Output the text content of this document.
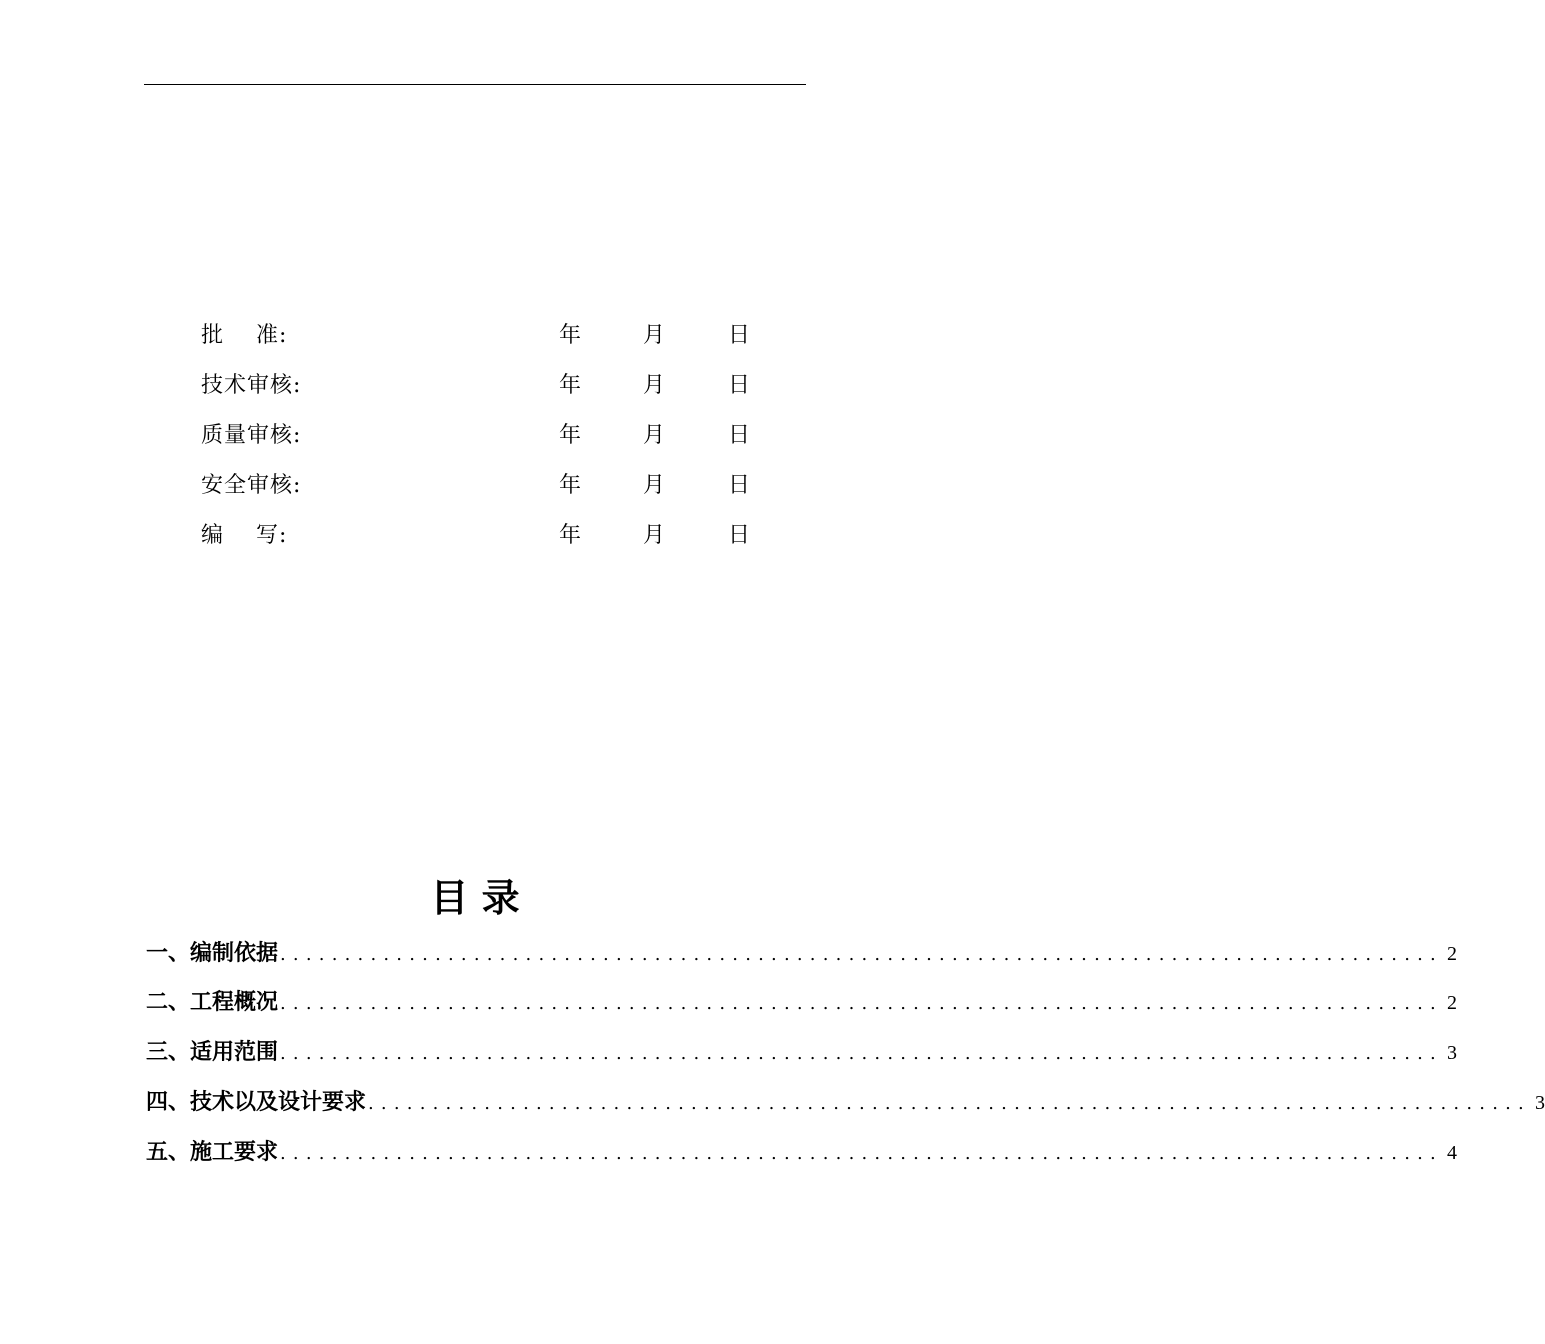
批    准:	年	月	日
技术审核:	年	月	日
质量审核:	年	月	日
安全审核:	年	月	日
编    写:	年	月	日
目 录
一、编制依据 .......................................................................................... 2
二、工程概况 .......................................................................................... 2
三、适用范围 .......................................................................................... 3
四、技术以及设计要求 .......................................................................................... 3
五、施工要求 .......................................................................................... 4
